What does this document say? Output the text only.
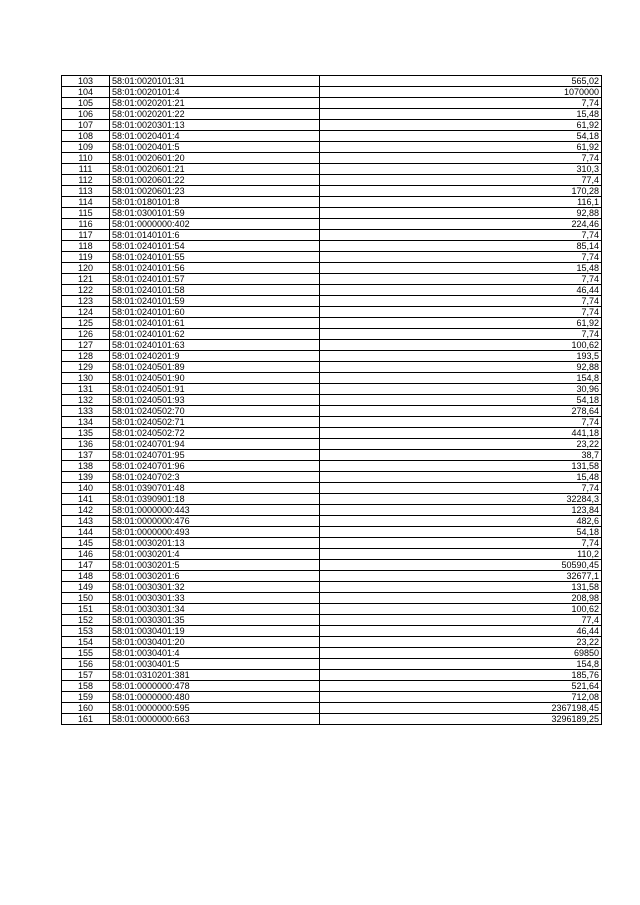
103	58:01:0020101:31	565,02
104	58:01:0020101:4	1070000
105	58:01:0020201:21	7,74
106	58:01:0020201:22	15,48
107	58:01:0020301:13	61,92
108	58:01:0020401:4	54,18
109	58:01:0020401:5	61,92
110	58:01:0020601:20	7,74
111	58:01:0020601:21	310,3
112	58:01:0020601:22	77,4
113	58:01:0020601:23	170,28
114	58:01:0180101:8	116,1
115	58:01:0300101:59	92,88
116	58:01:0000000:402	224,46
117	58:01:0140101:6	7,74
118	58:01:0240101:54	85,14
119	58:01:0240101:55	7,74
120	58:01:0240101:56	15,48
121	58:01:0240101:57	7,74
122	58:01:0240101:58	46,44
123	58:01:0240101:59	7,74
124	58:01:0240101:60	7,74
125	58:01:0240101:61	61,92
126	58:01:0240101:62	7,74
127	58:01:0240101:63	100,62
128	58:01:0240201:9	193,5
129	58:01:0240501:89	92,88
130	58:01:0240501:90	154,8
131	58:01:0240501:91	30,96
132	58:01:0240501:93	54,18
133	58:01:0240502:70	278,64
134	58:01:0240502:71	7,74
135	58:01:0240502:72	441,18
136	58:01:0240701:94	23,22
137	58:01:0240701:95	38,7
138	58:01:0240701:96	131,58
139	58:01:0240702:3	15,48
140	58:01:0390701:48	7,74
141	58:01:0390901:18	32284,3
142	58:01:0000000:443	123,84
143	58:01:0000000:476	482,6
144	58:01:0000000:493	54,18
145	58:01:0030201:13	7,74
146	58:01:0030201:4	110,2
147	58:01:0030201:5	50590,45
148	58:01:0030201:6	32677,1
149	58:01:0030301:32	131,58
150	58:01:0030301:33	208,98
151	58:01:0030301:34	100,62
152	58:01:0030301:35	77,4
153	58:01:0030401:19	46,44
154	58:01:0030401:20	23,22
155	58:01:0030401:4	69850
156	58:01:0030401:5	154,8
157	58:01:0310201:381	185,76
158	58:01:0000000:478	521,64
159	58:01:0000000:480	712,08
160	58:01:0000000:595	2367198,45
161	58:01:0000000:663	3296189,25
